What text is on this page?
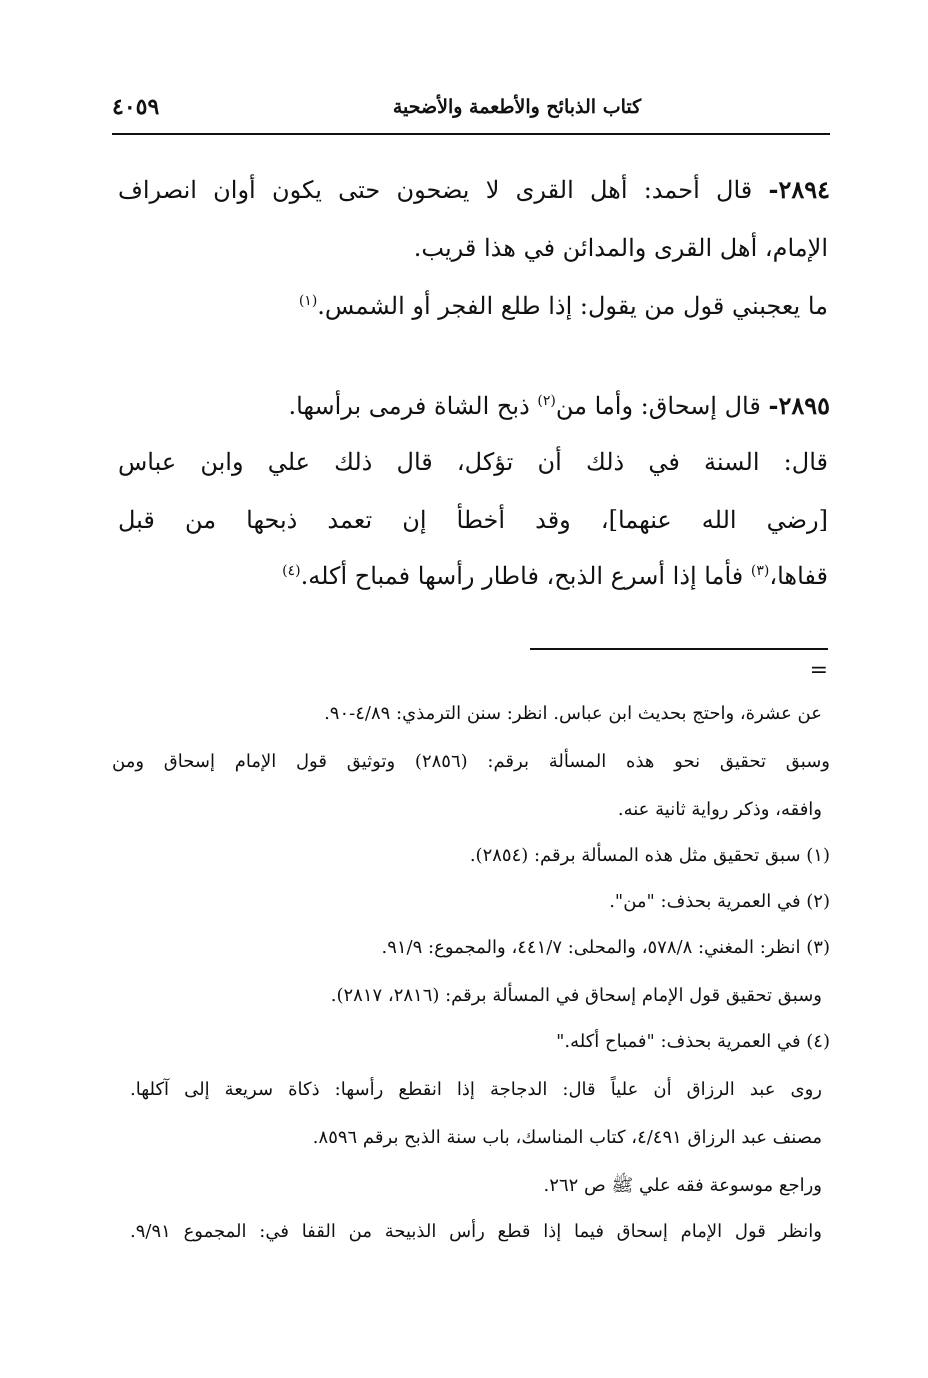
كتاب الذبائح والأطعمة والأضحية
٤٠٥٩
٢٨٩٤- قال أحمد: أهل القرى لا يضحون حتى يكون أوان انصراف
الإمام، أهل القرى والمدائن في هذا قريب.
ما يعجبني قول من يقول: إذا طلع الفجر أو الشمس.$^{(١)}$
٢٨٩٥- قال إسحاق: وأما من$^{(٢)}$ ذبح الشاة فرمى برأسها.
قال: السنة في ذلك أن تؤكل، قال ذلك علي وابن عباس
[رضي الله عنهما]، وقد أخطأ إن تعمد ذبحها من قبل
قفاها،$^{(٣)}$ فأما إذا أسرع الذبح، فاطار رأسها فمباح أكله.$^{(٤)}$
=
عن عشرة، واحتج بحديث ابن عباس. انظر: سنن الترمذي: ٤/٨٩-٩٠.
وسبق تحقيق نحو هذه المسألة برقم: (٢٨٥٦) وتوثيق قول الإمام إسحاق ومن
وافقه، وذكر رواية ثانية عنه.
(١) سبق تحقيق مثل هذه المسألة برقم: (٢٨٥٤).
(٢) في العمرية بحذف: "من".
(٣) انظر: المغني: ٥٧٨/٨، والمحلى: ٤٤١/٧، والمجموع: ٩١/٩.
وسبق تحقيق قول الإمام إسحاق في المسألة برقم: (٢٨١٦، ٢٨١٧).
(٤) في العمرية بحذف: "فمباح أكله."
روى عبد الرزاق أن علياً قال: الدجاجة إذا انقطع رأسها: ذكاة سريعة إلى آكلها.
مصنف عبد الرزاق ٤/٤٩١، كتاب المناسك، باب سنة الذبح برقم ٨٥٩٦.
وراجع موسوعة فقه علي ﷺ ص ٢٦٢.
وانظر قول الإمام إسحاق فيما إذا قطع رأس الذبيحة من القفا في: المجموع ٩/٩١.
